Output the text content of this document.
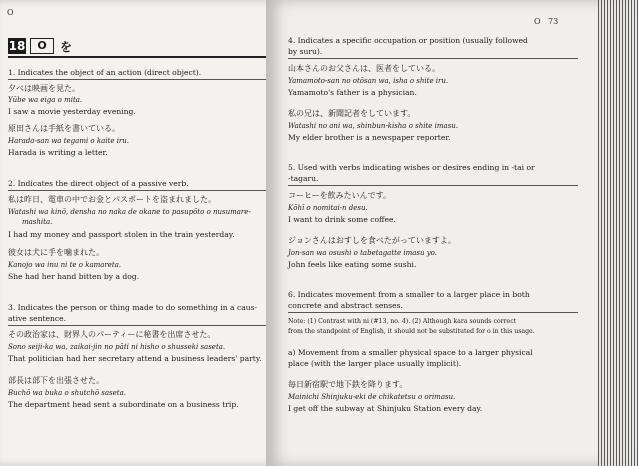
O
18	O	を
1. Indicates the object of an action (direct object).
夕べは映画を見た。
Yūbe wa eiga o mita.
I saw a movie yesterday evening.
原田さんは手紙を書いている。
Harada-san wa tegami o kaite iru.
Harada is writing a letter.
2. Indicates the direct object of a passive verb.
私は昨日、電車の中でお金とパスポートを盗まれました。
Watashi wa kinō, densha no naka de okane to pasupōto o nusumare-
mashita.
I had my money and passport stolen in the train yesterday.
彼女は犬に手を噛まれた。
Kanojo wa inu ni te o kamareta.
She had her hand bitten by a dog.
3. Indicates the person or thing made to do something in a caus-
ative sentence.
その政治家は、財界人のパーティーに秘書を出席させた。
Sono seiji-ka wa, zaikai-jin no pāti ni hisho o shusseki saseta.
That politician had her secretary attend a business leaders' party.
部長は部下を出張させた。
Buchō wa buka o shutchō saseta.
The department head sent a subordinate on a business trip.
O 73
4. Indicates a specific occupation or position (usually followed
by suru).
山本さんのお父さんは、医者をしている。
Yamamoto-san no otōsan wa, isha o shite iru.
Yamamoto's father is a physician.
私の兄は、新聞記者をしています。
Watashi no ani wa, shinbun-kisha o shite imasu.
My elder brother is a newspaper reporter.
5. Used with verbs indicating wishes or desires ending in -tai or
-tagaru.
コーヒーを飲みたいんです。
Kōhī o nomitai-n desu.
I want to drink some coffee.
ジョンさんはおすしを食べたがっていますよ。
Jon-san wa osushi o tabetagatte imasu yo.
John feels like eating some sushi.
6. Indicates movement from a smaller to a larger place in both
concrete and abstract senses.
Note: (1) Contrast with ni (#13, no. 4). (2) Although kara sounds correct
from the standpoint of English, it should not be substituted for o in this usage.
a) Movement from a smaller physical space to a larger physical
place (with the larger place usually implicit).
毎日新宿駅で地下鉄を降ります。
Mainichi Shinjuku-eki de chikatetsu o orimasu.
I get off the subway at Shinjuku Station every day.
